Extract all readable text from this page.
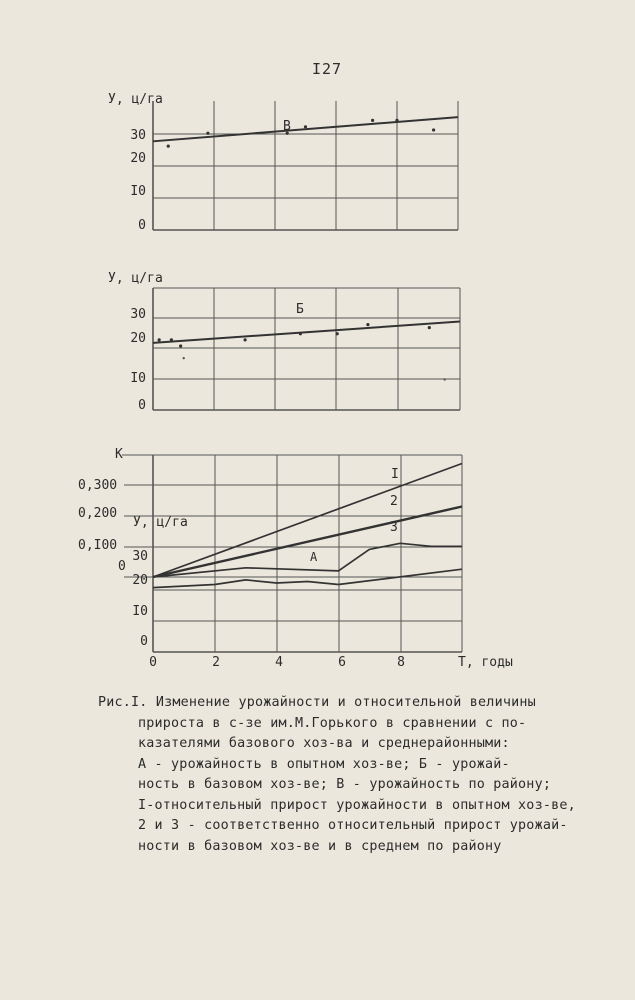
I27
У, ц/га
0
I0
20
30
В
У, ц/га
0
I0
20
30	Б
К
0,I00
0,200
0,300
0
У, ц/га
0
I0
20
30
0	2	4	6	8	Т, годы
I
2
3
А
Рис.I. Изменение урожайности и относительной величины
прироста в с-зе им.М.Горького в сравнении с по-
казателями базового хоз-ва и среднерайонными:
А - урожайность в опытном хоз-ве; Б - урожай-
ность в базовом хоз-ве; В - урожайность по району;
I-относительный прирост урожайности в опытном хоз-ве,
2 и 3 - соответственно относительный прирост урожай-
ности в базовом хоз-ве и в среднем по району
